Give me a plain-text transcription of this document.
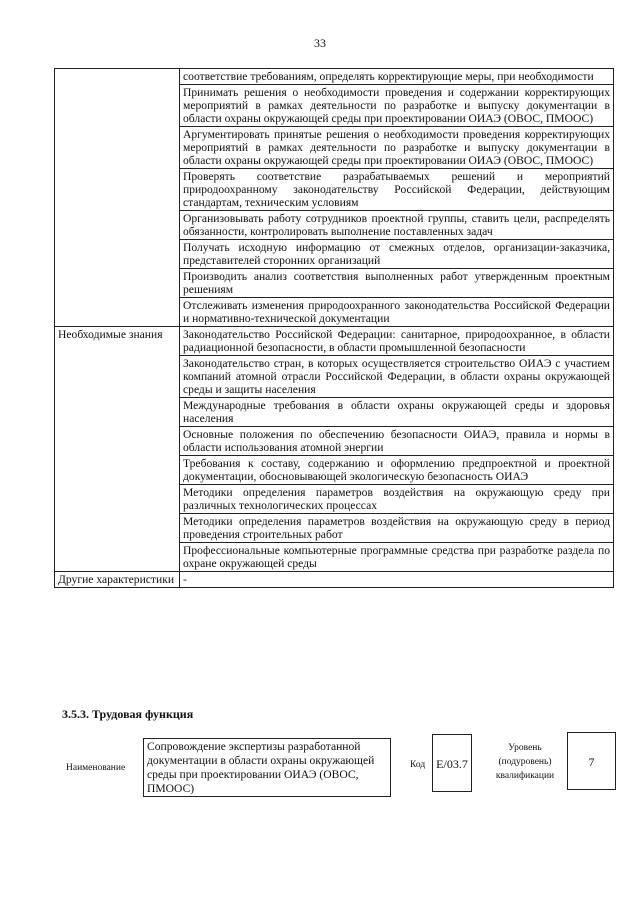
33
	соответствие требованиям, определять корректирующие меры, при необходимости
	Принимать решения о необходимости проведения и содержании корректирующих мероприятий в рамках деятельности по разработке и выпуску документации в области охраны окружающей среды при проектировании ОИАЭ (ОВОС, ПМООС)
	Аргументировать принятые решения о необходимости проведения корректирующих мероприятий в рамках деятельности по разработке и выпуску документации в области охраны окружающей среды при проектировании ОИАЭ (ОВОС, ПМООС)
	Проверять соответствие разрабатываемых решений и мероприятий природоохранному законодательству Российской Федерации, действующим стандартам, техническим условиям
	Организовывать работу сотрудников проектной группы, ставить цели, распределять обязанности, контролировать выполнение поставленных задач
	Получать исходную информацию от смежных отделов, организации-заказчика, представителей сторонних организаций
	Производить анализ соответствия выполненных работ утвержденным проектным решениям
	Отслеживать изменения природоохранного законодательства Российской Федерации и нормативно-технической документации
Необходимые знания	Законодательство Российской Федерации: санитарное, природоохранное, в области радиационной безопасности, в области промышленной безопасности
	Законодательство стран, в которых осуществляется строительство ОИАЭ с участием компаний атомной отрасли Российской Федерации, в области охраны окружающей среды и защиты населения
	Международные требования в области охраны окружающей среды и здоровья населения
	Основные положения по обеспечению безопасности ОИАЭ, правила и нормы в области использования атомной энергии
	Требования к составу, содержанию и оформлению предпроектной и проектной документации, обосновывающей экологическую безопасность ОИАЭ
	Методики определения параметров воздействия на окружающую среду при различных технологических процессах
	Методики определения параметров воздействия на окружающую среду в период проведения строительных работ
	Профессиональные компьютерные программные средства при разработке раздела по охране окружающей среды
Другие характеристики	-
3.5.3. Трудовая функция
Наименование
Сопровождение экспертизы разработанной документации в области охраны окружающей среды при проектировании ОИАЭ (ОВОС, ПМООС)
Код E/03.7
Уровень (подуровень) квалификации
7
